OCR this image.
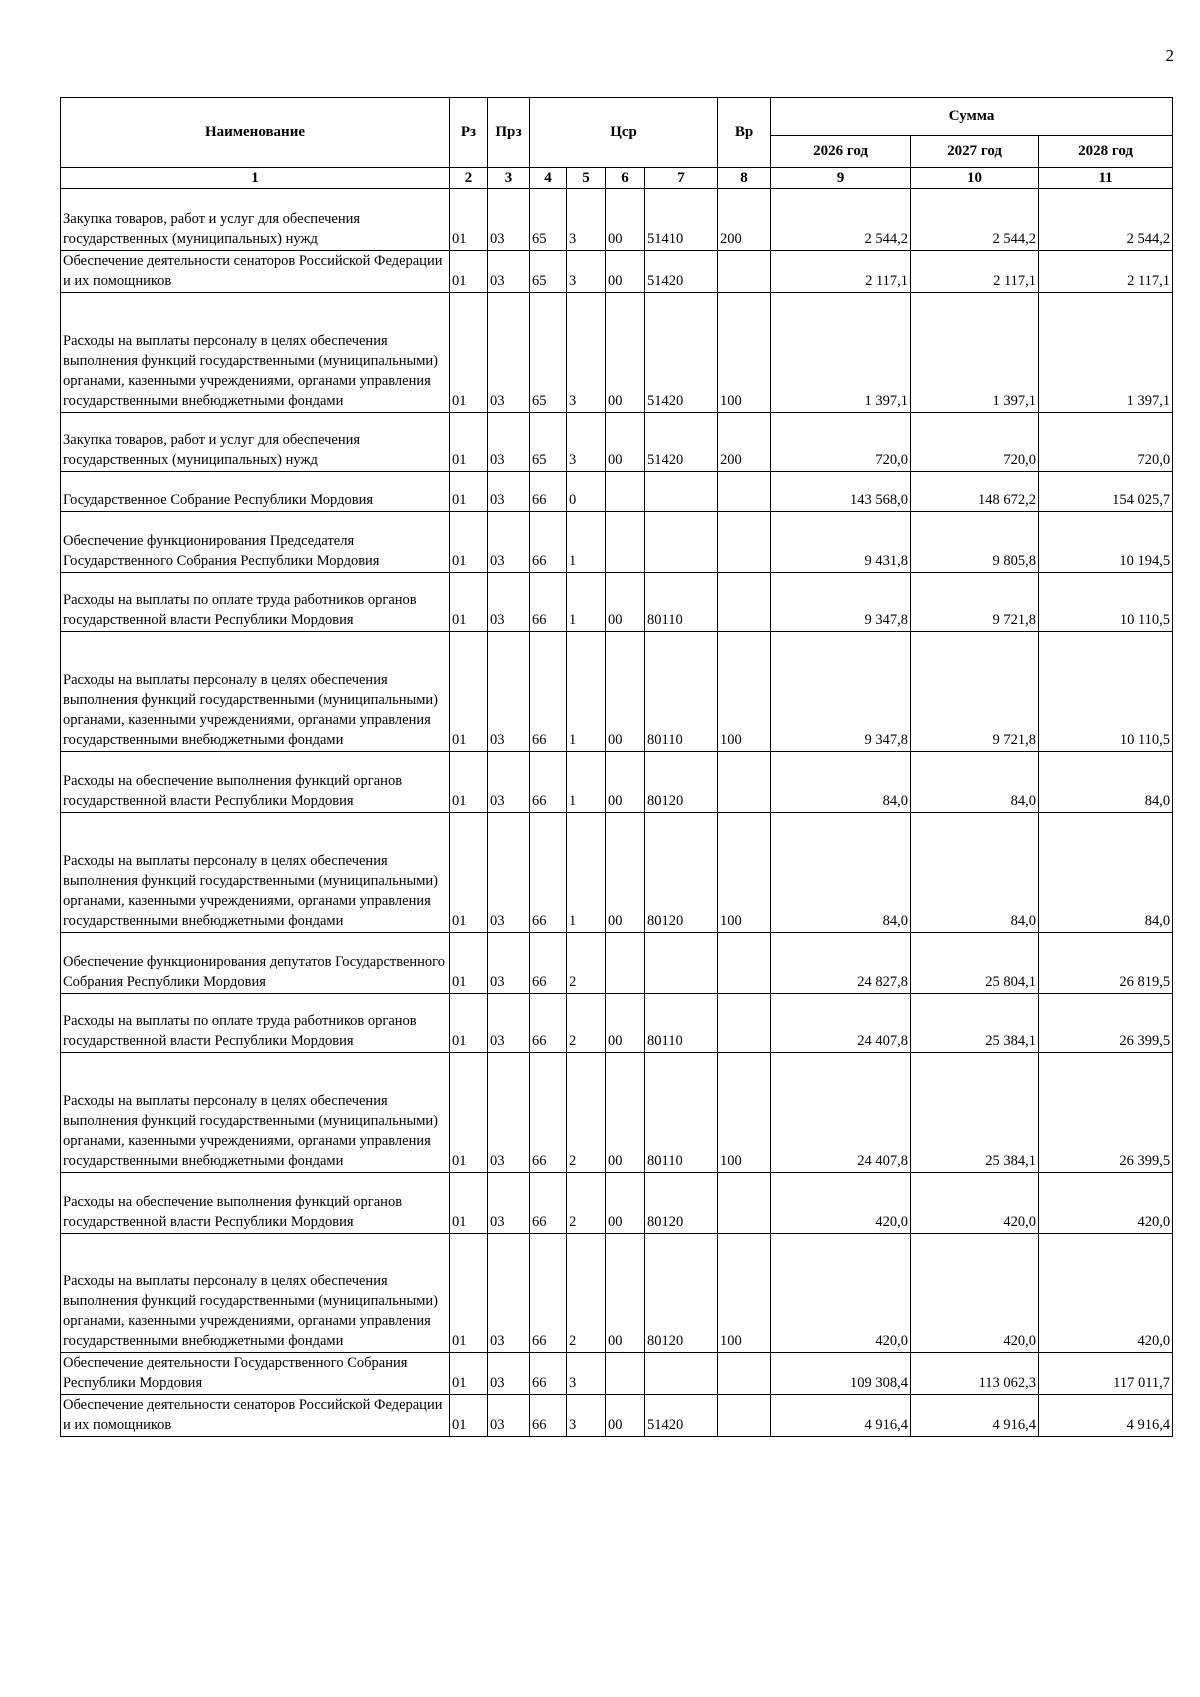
2
Наименование	Рз	Прз	Цср				Вр	Сумма		
								2026 год	2027 год	2028 год
1	2	3	4	5	6	7	8	9	10	11
Закупка товаров, работ и услуг для обеспечения государственных (муниципальных) нужд	01	03	65	3	00	51410	200	2 544,2	2 544,2	2 544,2
Обеспечение деятельности сенаторов Российской Федерации и их помощников	01	03	65	3	00	51420		2 117,1	2 117,1	2 117,1
Расходы на выплаты персоналу в целях обеспечения выполнения функций государственными (муниципальными) органами, казенными учреждениями, органами управления государственными внебюджетными фондами	01	03	65	3	00	51420	100	1 397,1	1 397,1	1 397,1
Закупка товаров, работ и услуг для обеспечения государственных (муниципальных) нужд	01	03	65	3	00	51420	200	720,0	720,0	720,0
Государственное Собрание Республики Мордовия	01	03	66	0				143 568,0	148 672,2	154 025,7
Обеспечение функционирования Председателя Государственного Собрания Республики Мордовия	01	03	66	1				9 431,8	9 805,8	10 194,5
Расходы на выплаты по оплате труда работников органов государственной власти Республики Мордовия	01	03	66	1	00	80110		9 347,8	9 721,8	10 110,5
Расходы на выплаты персоналу в целях обеспечения выполнения функций государственными (муниципальными) органами, казенными учреждениями, органами управления государственными внебюджетными фондами	01	03	66	1	00	80110	100	9 347,8	9 721,8	10 110,5
Расходы на обеспечение выполнения функций органов государственной власти Республики Мордовия	01	03	66	1	00	80120		84,0	84,0	84,0
Расходы на выплаты персоналу в целях обеспечения выполнения функций государственными (муниципальными) органами, казенными учреждениями, органами управления государственными внебюджетными фондами	01	03	66	1	00	80120	100	84,0	84,0	84,0
Обеспечение функционирования депутатов Государственного Собрания Республики Мордовия	01	03	66	2				24 827,8	25 804,1	26 819,5
Расходы на выплаты по оплате труда работников органов государственной власти Республики Мордовия	01	03	66	2	00	80110		24 407,8	25 384,1	26 399,5
Расходы на выплаты персоналу в целях обеспечения выполнения функций государственными (муниципальными) органами, казенными учреждениями, органами управления государственными внебюджетными фондами	01	03	66	2	00	80110	100	24 407,8	25 384,1	26 399,5
Расходы на обеспечение выполнения функций органов государственной власти Республики Мордовия	01	03	66	2	00	80120		420,0	420,0	420,0
Расходы на выплаты персоналу в целях обеспечения выполнения функций государственными (муниципальными) органами, казенными учреждениями, органами управления государственными внебюджетными фондами	01	03	66	2	00	80120	100	420,0	420,0	420,0
Обеспечение деятельности Государственного Собрания Республики Мордовия	01	03	66	3				109 308,4	113 062,3	117 011,7
Обеспечение деятельности сенаторов Российской Федерации и их помощников	01	03	66	3	00	51420		4 916,4	4 916,4	4 916,4
